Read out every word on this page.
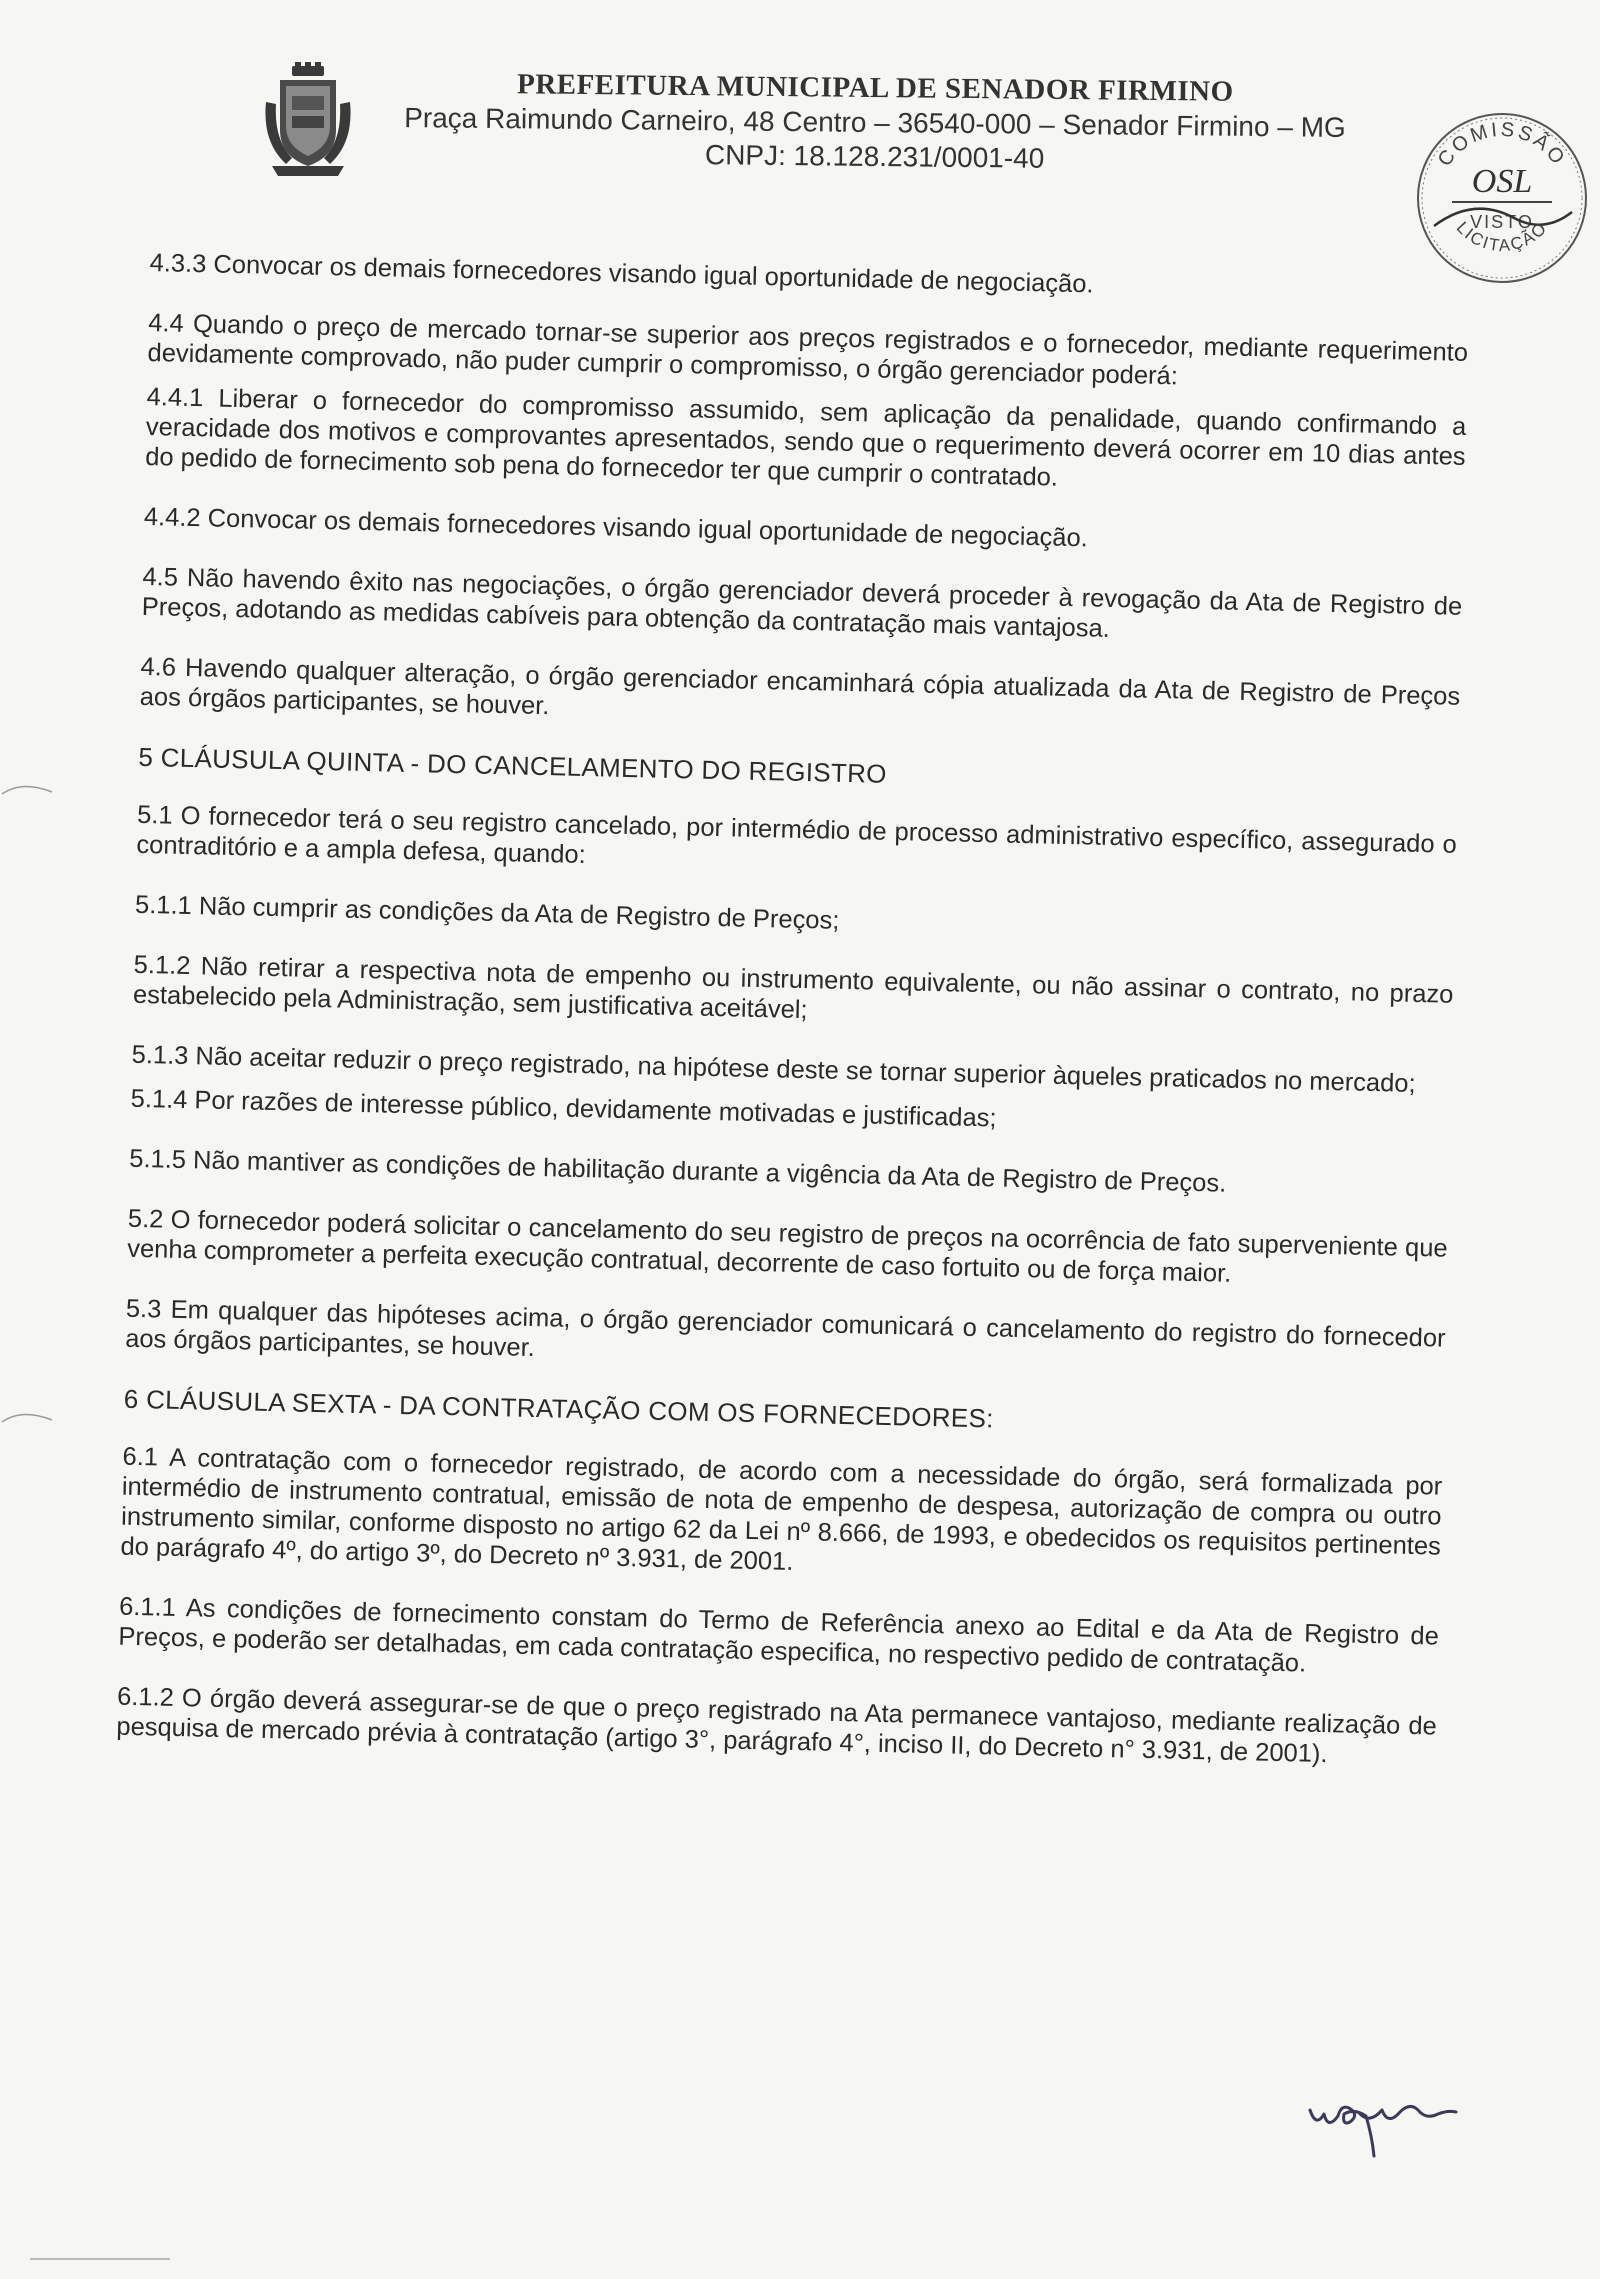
PREFEITURA MUNICIPAL DE SENADOR FIRMINO
Praça Raimundo Carneiro, 48 Centro – 36540-000 – Senador Firmino – MG
CNPJ: 18.128.231/0001-40	COMISSÃO
OSL
VISTO
LICITAÇÃO

4.3.3 Convocar os demais fornecedores visando igual oportunidade de negociação.

4.4 Quando o preço de mercado tornar-se superior aos preços registrados e o fornecedor, mediante requerimento devidamente comprovado, não puder cumprir o compromisso, o órgão gerenciador poderá:

4.4.1 Liberar o fornecedor do compromisso assumido, sem aplicação da penalidade, quando confirmando a veracidade dos motivos e comprovantes apresentados, sendo que o requerimento deverá ocorrer em 10 dias antes do pedido de fornecimento sob pena do fornecedor ter que cumprir o contratado.

4.4.2 Convocar os demais fornecedores visando igual oportunidade de negociação.

4.5 Não havendo êxito nas negociações, o órgão gerenciador deverá proceder à revogação da Ata de Registro de Preços, adotando as medidas cabíveis para obtenção da contratação mais vantajosa.

4.6 Havendo qualquer alteração, o órgão gerenciador encaminhará cópia atualizada da Ata de Registro de Preços aos órgãos participantes, se houver.

5 CLÁUSULA QUINTA - DO CANCELAMENTO DO REGISTRO

5.1 O fornecedor terá o seu registro cancelado, por intermédio de processo administrativo específico, assegurado o contraditório e a ampla defesa, quando:

5.1.1 Não cumprir as condições da Ata de Registro de Preços;

5.1.2 Não retirar a respectiva nota de empenho ou instrumento equivalente, ou não assinar o contrato, no prazo estabelecido pela Administração, sem justificativa aceitável;

5.1.3 Não aceitar reduzir o preço registrado, na hipótese deste se tornar superior àqueles praticados no mercado;

5.1.4 Por razões de interesse público, devidamente motivadas e justificadas;

5.1.5 Não mantiver as condições de habilitação durante a vigência da Ata de Registro de Preços.

5.2 O fornecedor poderá solicitar o cancelamento do seu registro de preços na ocorrência de fato superveniente que venha comprometer a perfeita execução contratual, decorrente de caso fortuito ou de força maior.

5.3 Em qualquer das hipóteses acima, o órgão gerenciador comunicará o cancelamento do registro do fornecedor aos órgãos participantes, se houver.

6 CLÁUSULA SEXTA - DA CONTRATAÇÃO COM OS FORNECEDORES:

6.1 A contratação com o fornecedor registrado, de acordo com a necessidade do órgão, será formalizada por intermédio de instrumento contratual, emissão de nota de empenho de despesa, autorização de compra ou outro instrumento similar, conforme disposto no artigo 62 da Lei nº 8.666, de 1993, e obedecidos os requisitos pertinentes do parágrafo 4º, do artigo 3º, do Decreto nº 3.931, de 2001.

6.1.1 As condições de fornecimento constam do Termo de Referência anexo ao Edital e da Ata de Registro de Preços, e poderão ser detalhadas, em cada contratação especifica, no respectivo pedido de contratação.

6.1.2 O órgão deverá assegurar-se de que o preço registrado na Ata permanece vantajoso, mediante realização de pesquisa de mercado prévia à contratação (artigo 3°, parágrafo 4°, inciso II, do Decreto n° 3.931, de 2001).
